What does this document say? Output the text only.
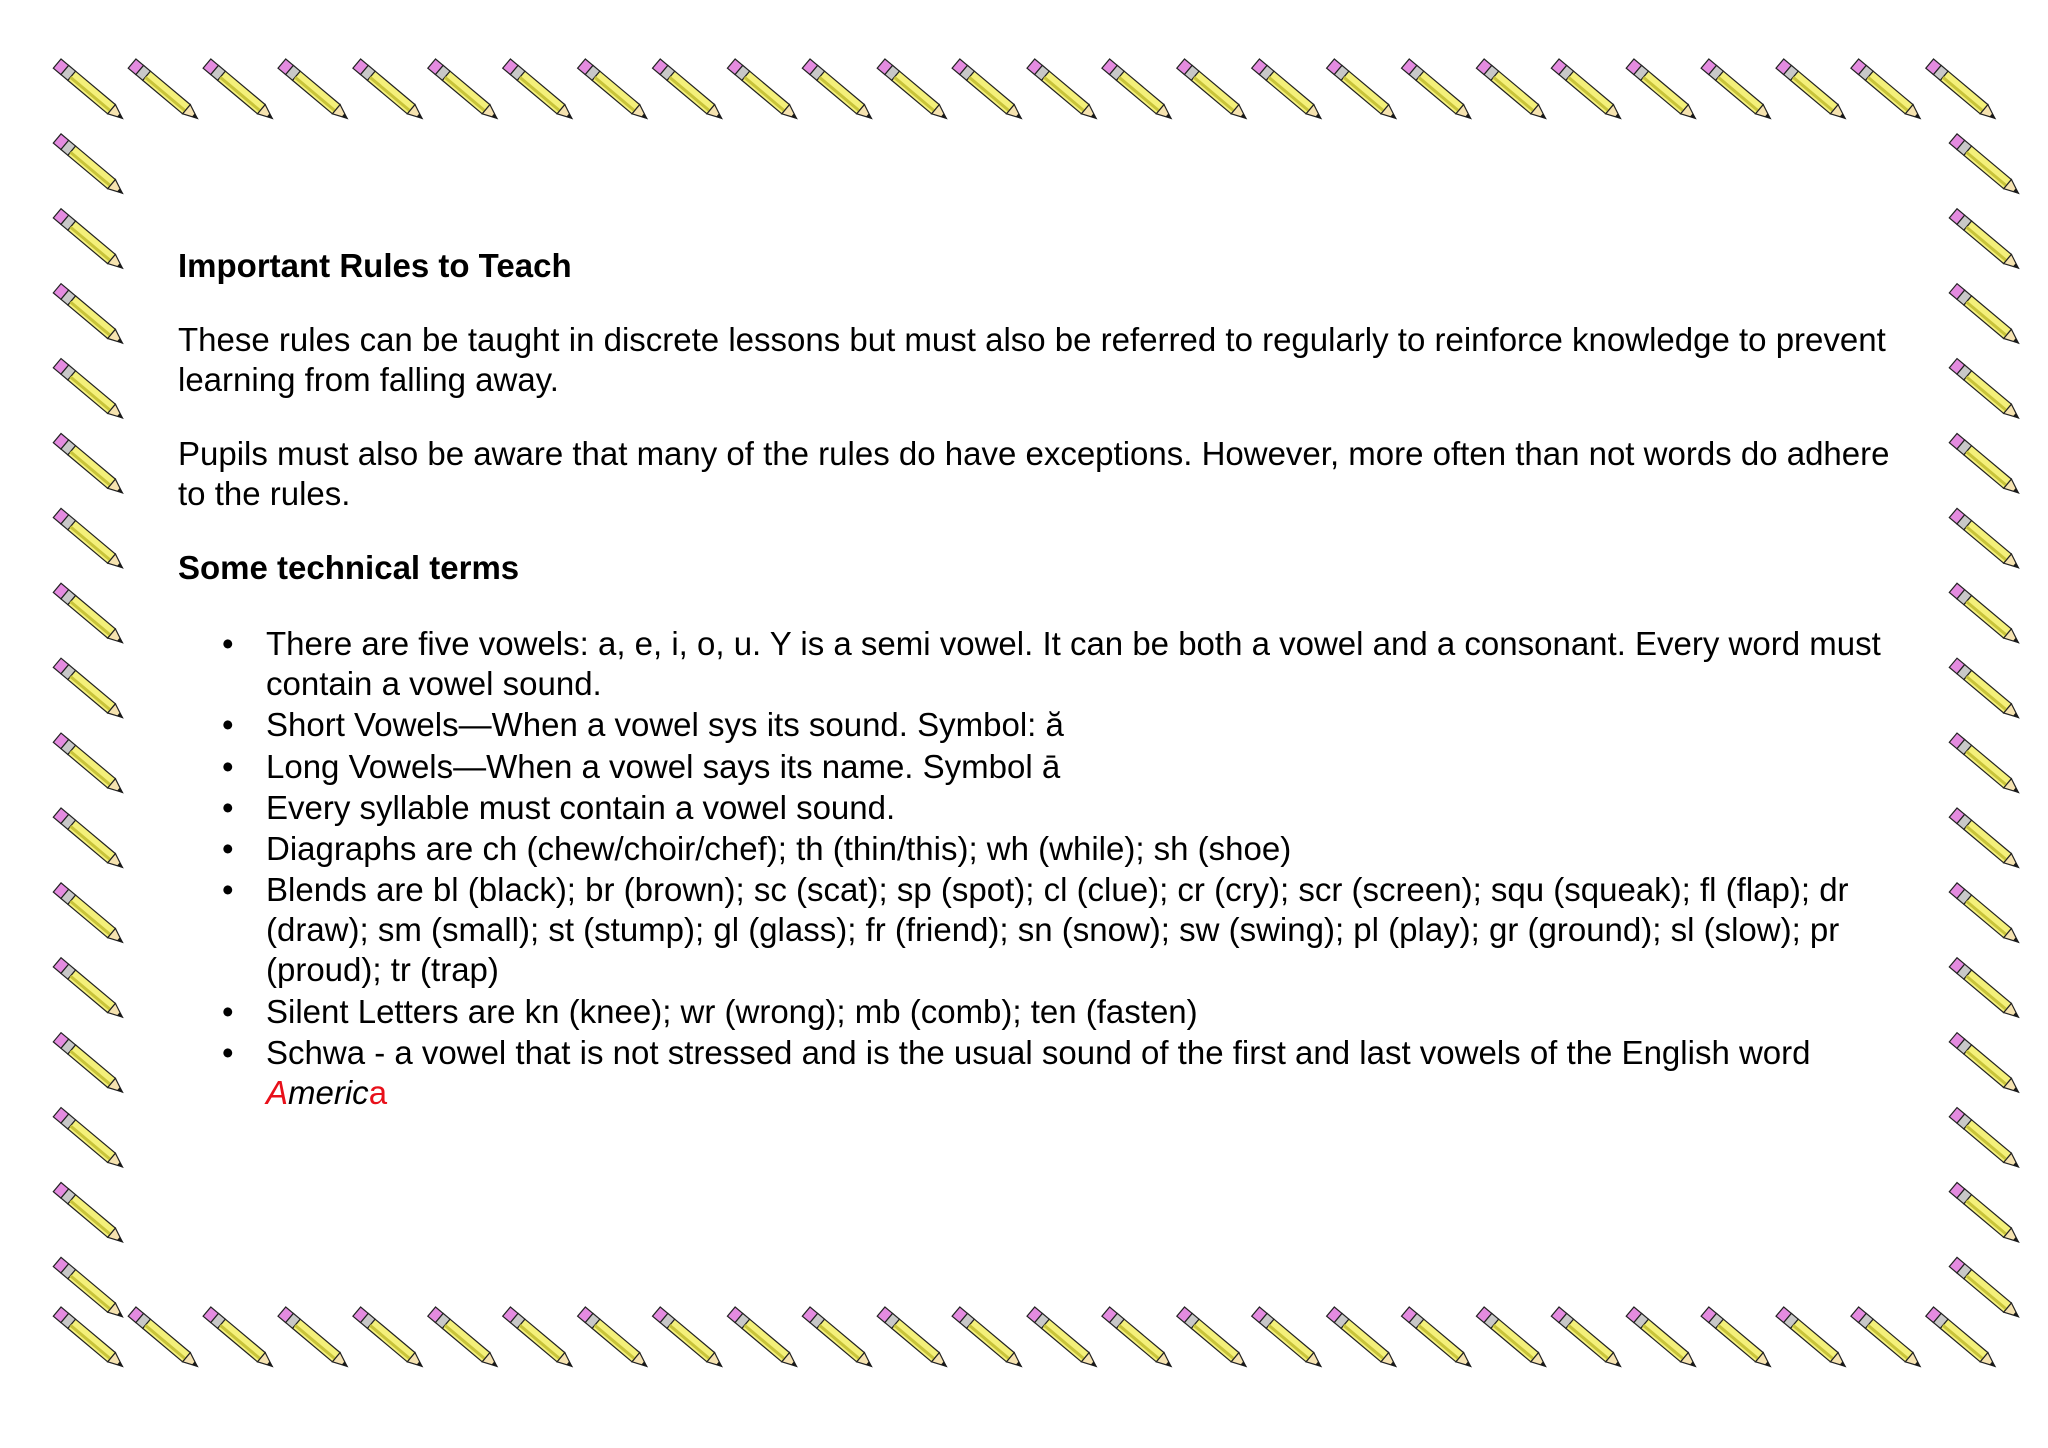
Important Rules to Teach

These rules can be taught in discrete lessons but must also be referred to regularly to reinforce knowledge to prevent learning from falling away.

Pupils must also be aware that many of the rules do have exceptions. However, more often than not words do adhere to the rules.

Some technical terms

• There are five vowels: a, e, i, o, u. Y is a semi vowel. It can be both a vowel and a consonant. Every word must contain a vowel sound.
• Short Vowels—When a vowel sys its sound. Symbol: ă
• Long Vowels—When a vowel says its name. Symbol ā
• Every syllable must contain a vowel sound.
• Diagraphs are ch (chew/choir/chef); th (thin/this); wh (while); sh (shoe)
• Blends are bl (black); br (brown); sc (scat); sp (spot); cl (clue); cr (cry); scr (screen); squ (squeak); fl (flap); dr (draw); sm (small); st (stump); gl (glass); fr (friend); sn (snow); sw (swing); pl (play); gr (ground); sl (slow); pr (proud); tr (trap)
• Silent Letters are kn (knee); wr (wrong); mb (comb); ten (fasten)
• Schwa - a vowel that is not stressed and is the usual sound of the first and last vowels of the English word America
